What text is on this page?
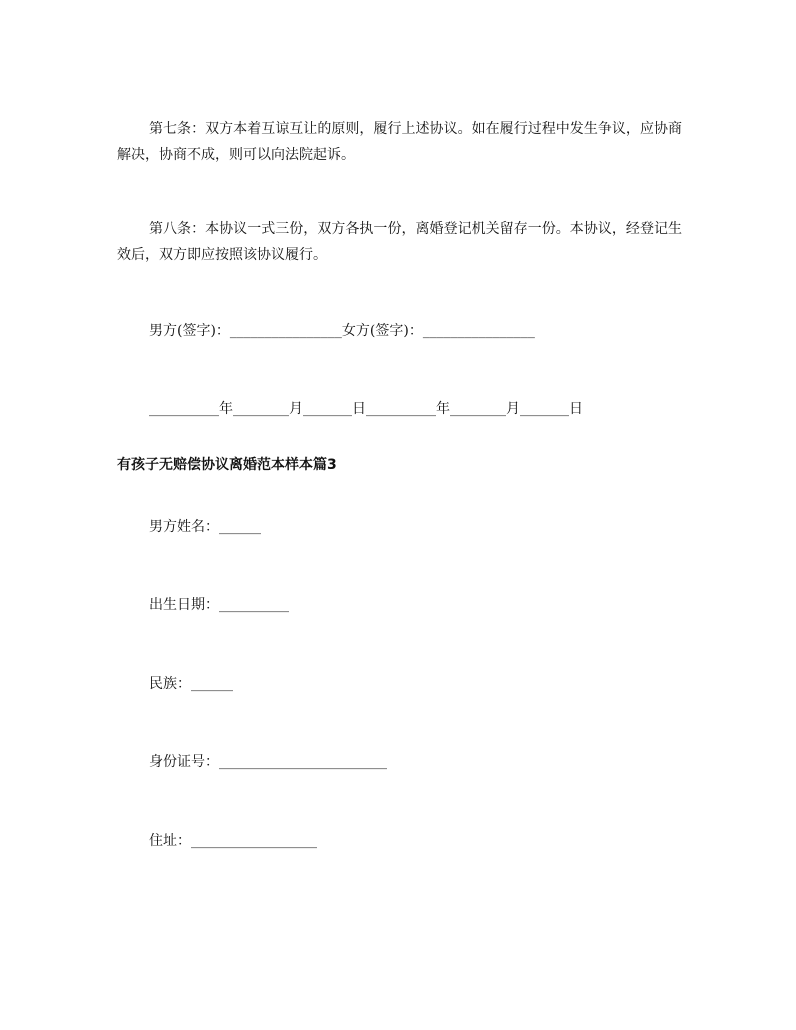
第七条：双方本着互谅互让的原则，履行上述协议。如在履行过程中发生争议，应协商解决，协商不成，则可以向法院起诉。

第八条：本协议一式三份，双方各执一份，离婚登记机关留存一份。本协议，经登记生效后，双方即应按照该协议履行。

男方(签字)：________________女方(签字)：________________
__________年________月_______日__________年________月_______日
有孩子无赔偿协议离婚范本样本篇3
男方姓名：______
出生日期：__________
民族：______
身份证号：________________________
住址：__________________
